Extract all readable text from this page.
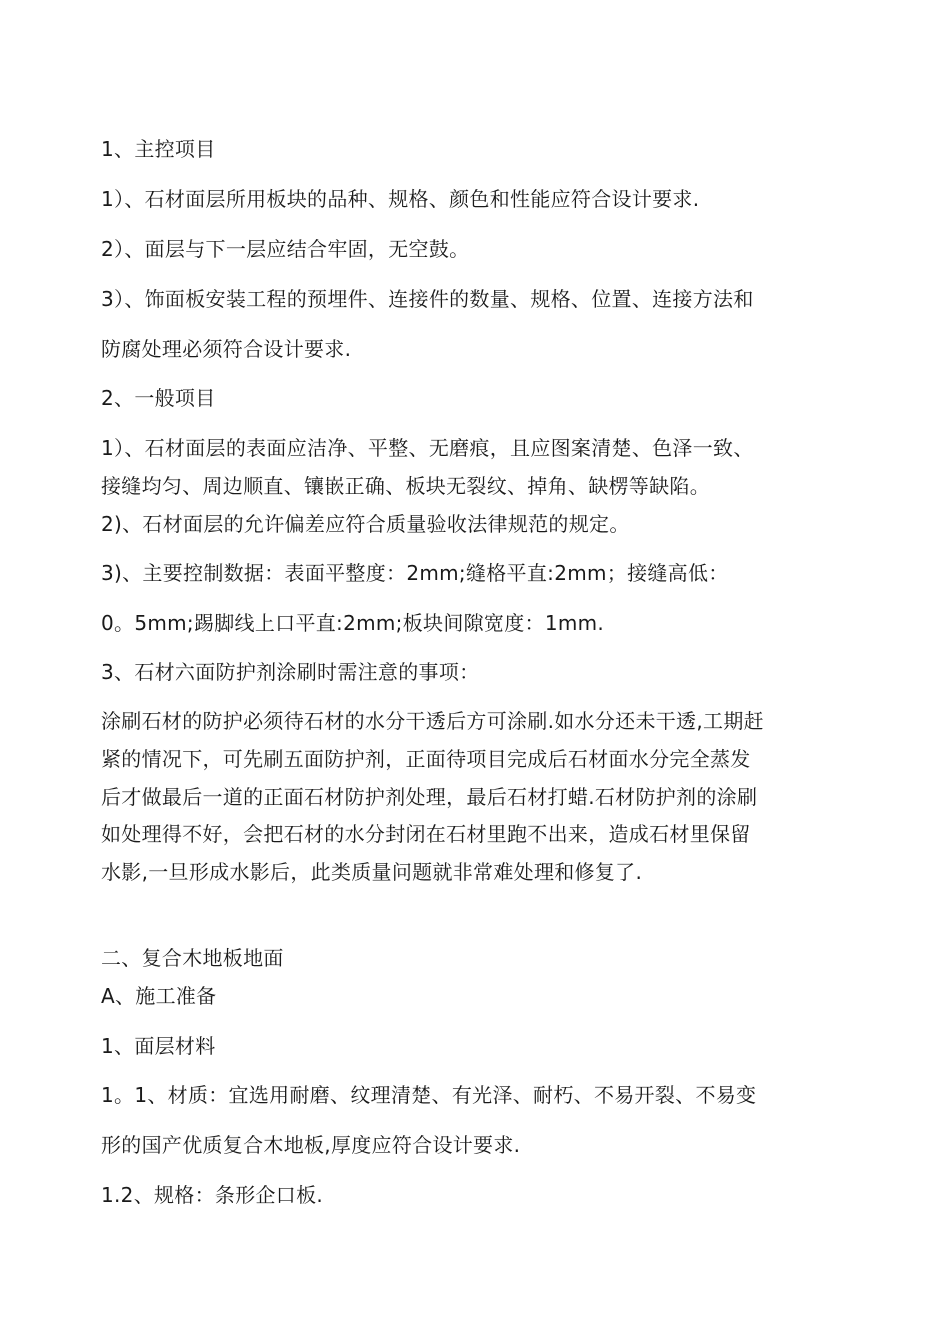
1、主控项目
1）、石材面层所用板块的品种、规格、颜色和性能应符合设计要求.
2）、面层与下一层应结合牢固，无空鼓。
3）、饰面板安装工程的预埋件、连接件的数量、规格、位置、连接方法和
防腐处理必须符合设计要求.
2、一般项目
1）、石材面层的表面应洁净、平整、无磨痕，且应图案清楚、色泽一致、
接缝均匀、周边顺直、镶嵌正确、板块无裂纹、掉角、缺楞等缺陷。
2)、石材面层的允许偏差应符合质量验收法律规范的规定。
3)、主要控制数据：表面平整度：2mm;缝格平直:2mm；接缝高低：
0。5mm;踢脚线上口平直:2mm;板块间隙宽度：1mm.
3、石材六面防护剂涂刷时需注意的事项：
涂刷石材的防护必须待石材的水分干透后方可涂刷.如水分还未干透,工期赶
紧的情况下，可先刷五面防护剂，正面待项目完成后石材面水分完全蒸发
后才做最后一道的正面石材防护剂处理，最后石材打蜡.石材防护剂的涂刷
如处理得不好，会把石材的水分封闭在石材里跑不出来，造成石材里保留
水影,一旦形成水影后，此类质量问题就非常难处理和修复了.
二、复合木地板地面
A、施工准备
1、面层材料
1。1、材质：宜选用耐磨、纹理清楚、有光泽、耐朽、不易开裂、不易变
形的国产优质复合木地板,厚度应符合设计要求.
1.2、规格：条形企口板.
